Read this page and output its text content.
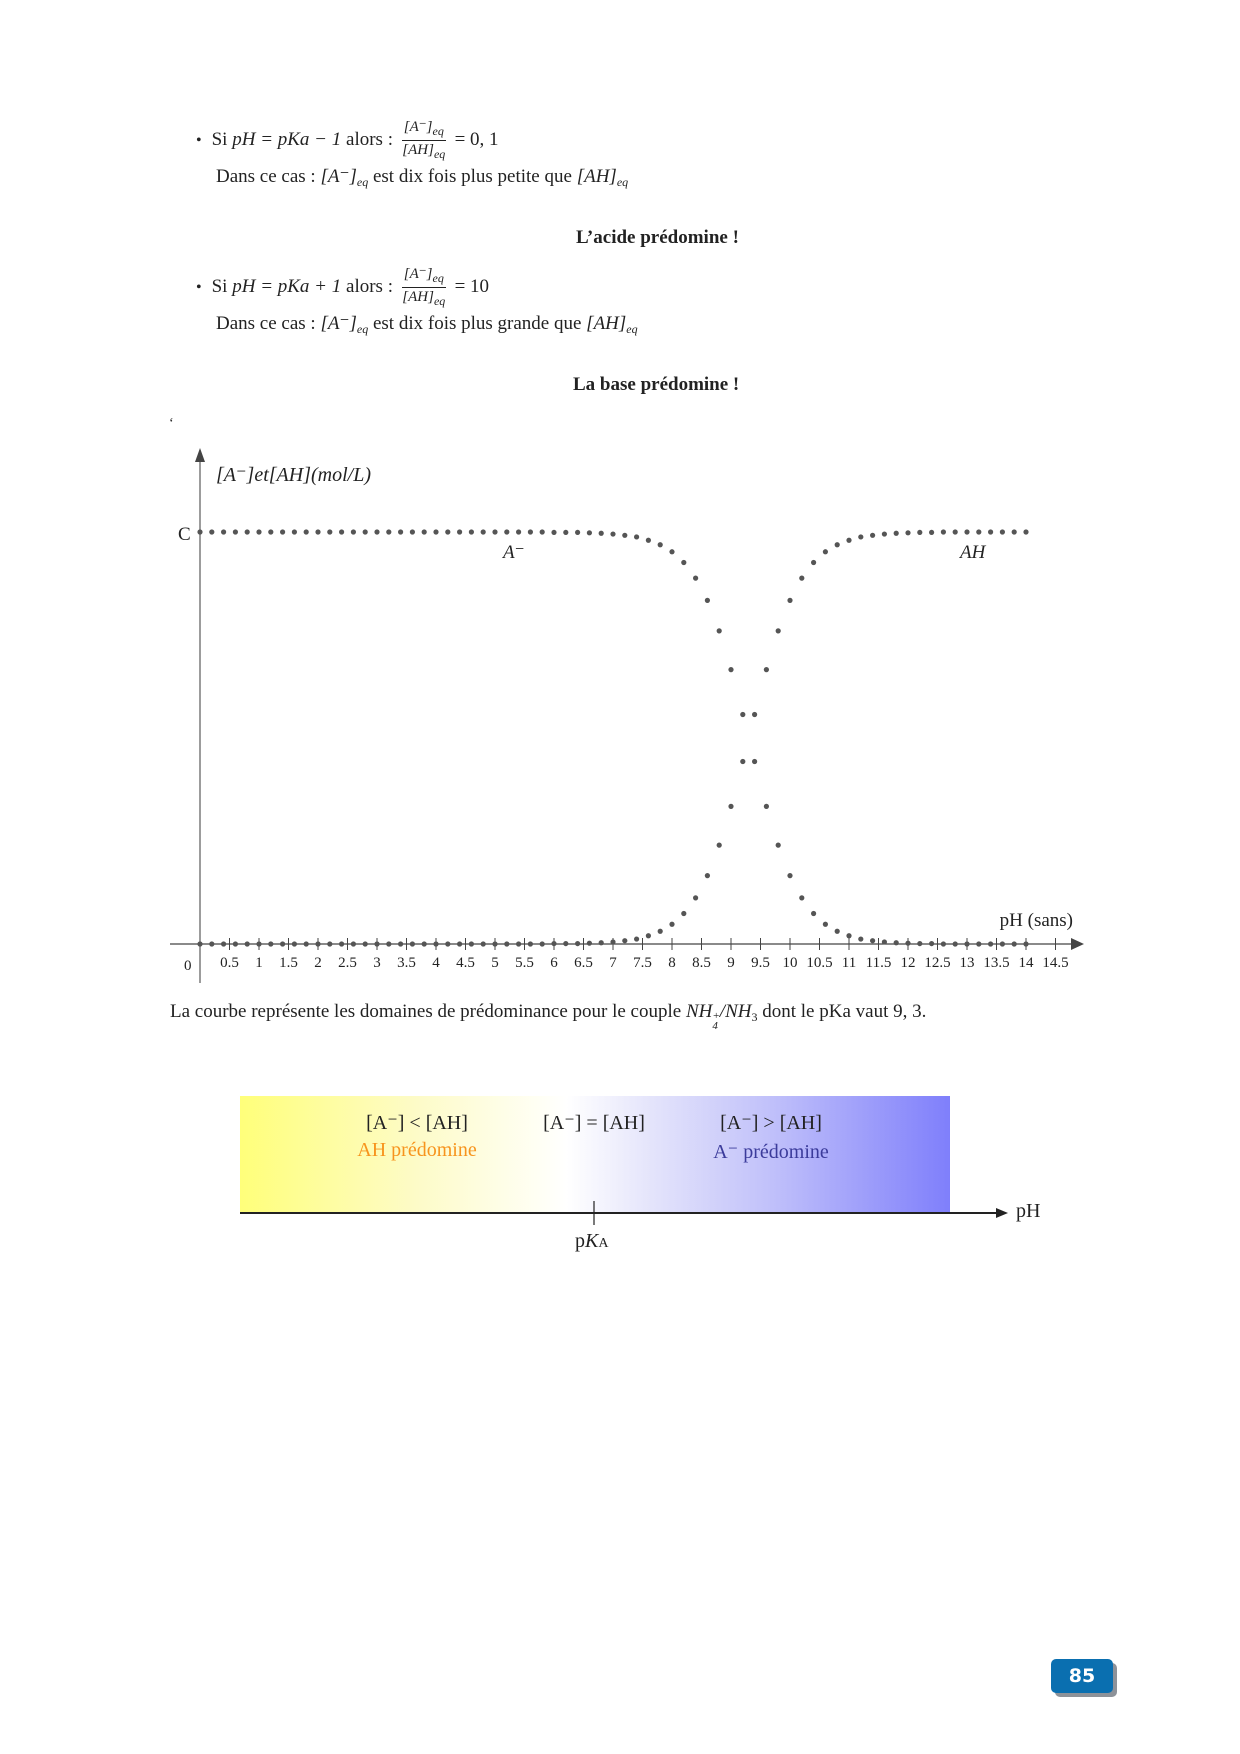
• Si pH = pKa − 1 alors : $\frac{[A^-]_{eq}}{[AH]_{eq}} = 0$, 1
Dans ce cas : $[A^-]_{eq}$ est dix fois plus petite que $[AH]_{eq}$
L’acide prédomine !
• Si pH = pKa + 1 alors : $\frac{[A^-]_{eq}}{[AH]_{eq}} = 10$
Dans ce cas : $[A^-]_{eq}$ est dix fois plus grande que $[AH]_{eq}$
La base prédomine !
‘
[A⁻]et[AH](mol/L)
C
0
pH (sans)
A⁻	AH
0.5 1 1.5 2 2.5 3 3.5 4 4.5 5 5.5 6 6.5 7 7.5 8 8.5 9 9.5 10 10.5 11 11.5 12 12.5 13 13.5 14 14.5
La courbe représente les domaines de prédominance pour le couple NH +
4
$/NH_3$ dont le pKa vaut 9, 3.
[A⁻] < [AH]
AH prédomine
[A⁻] = [AH]	[A⁻] > [AH]
A⁻ prédomine
pH
pKA
85
